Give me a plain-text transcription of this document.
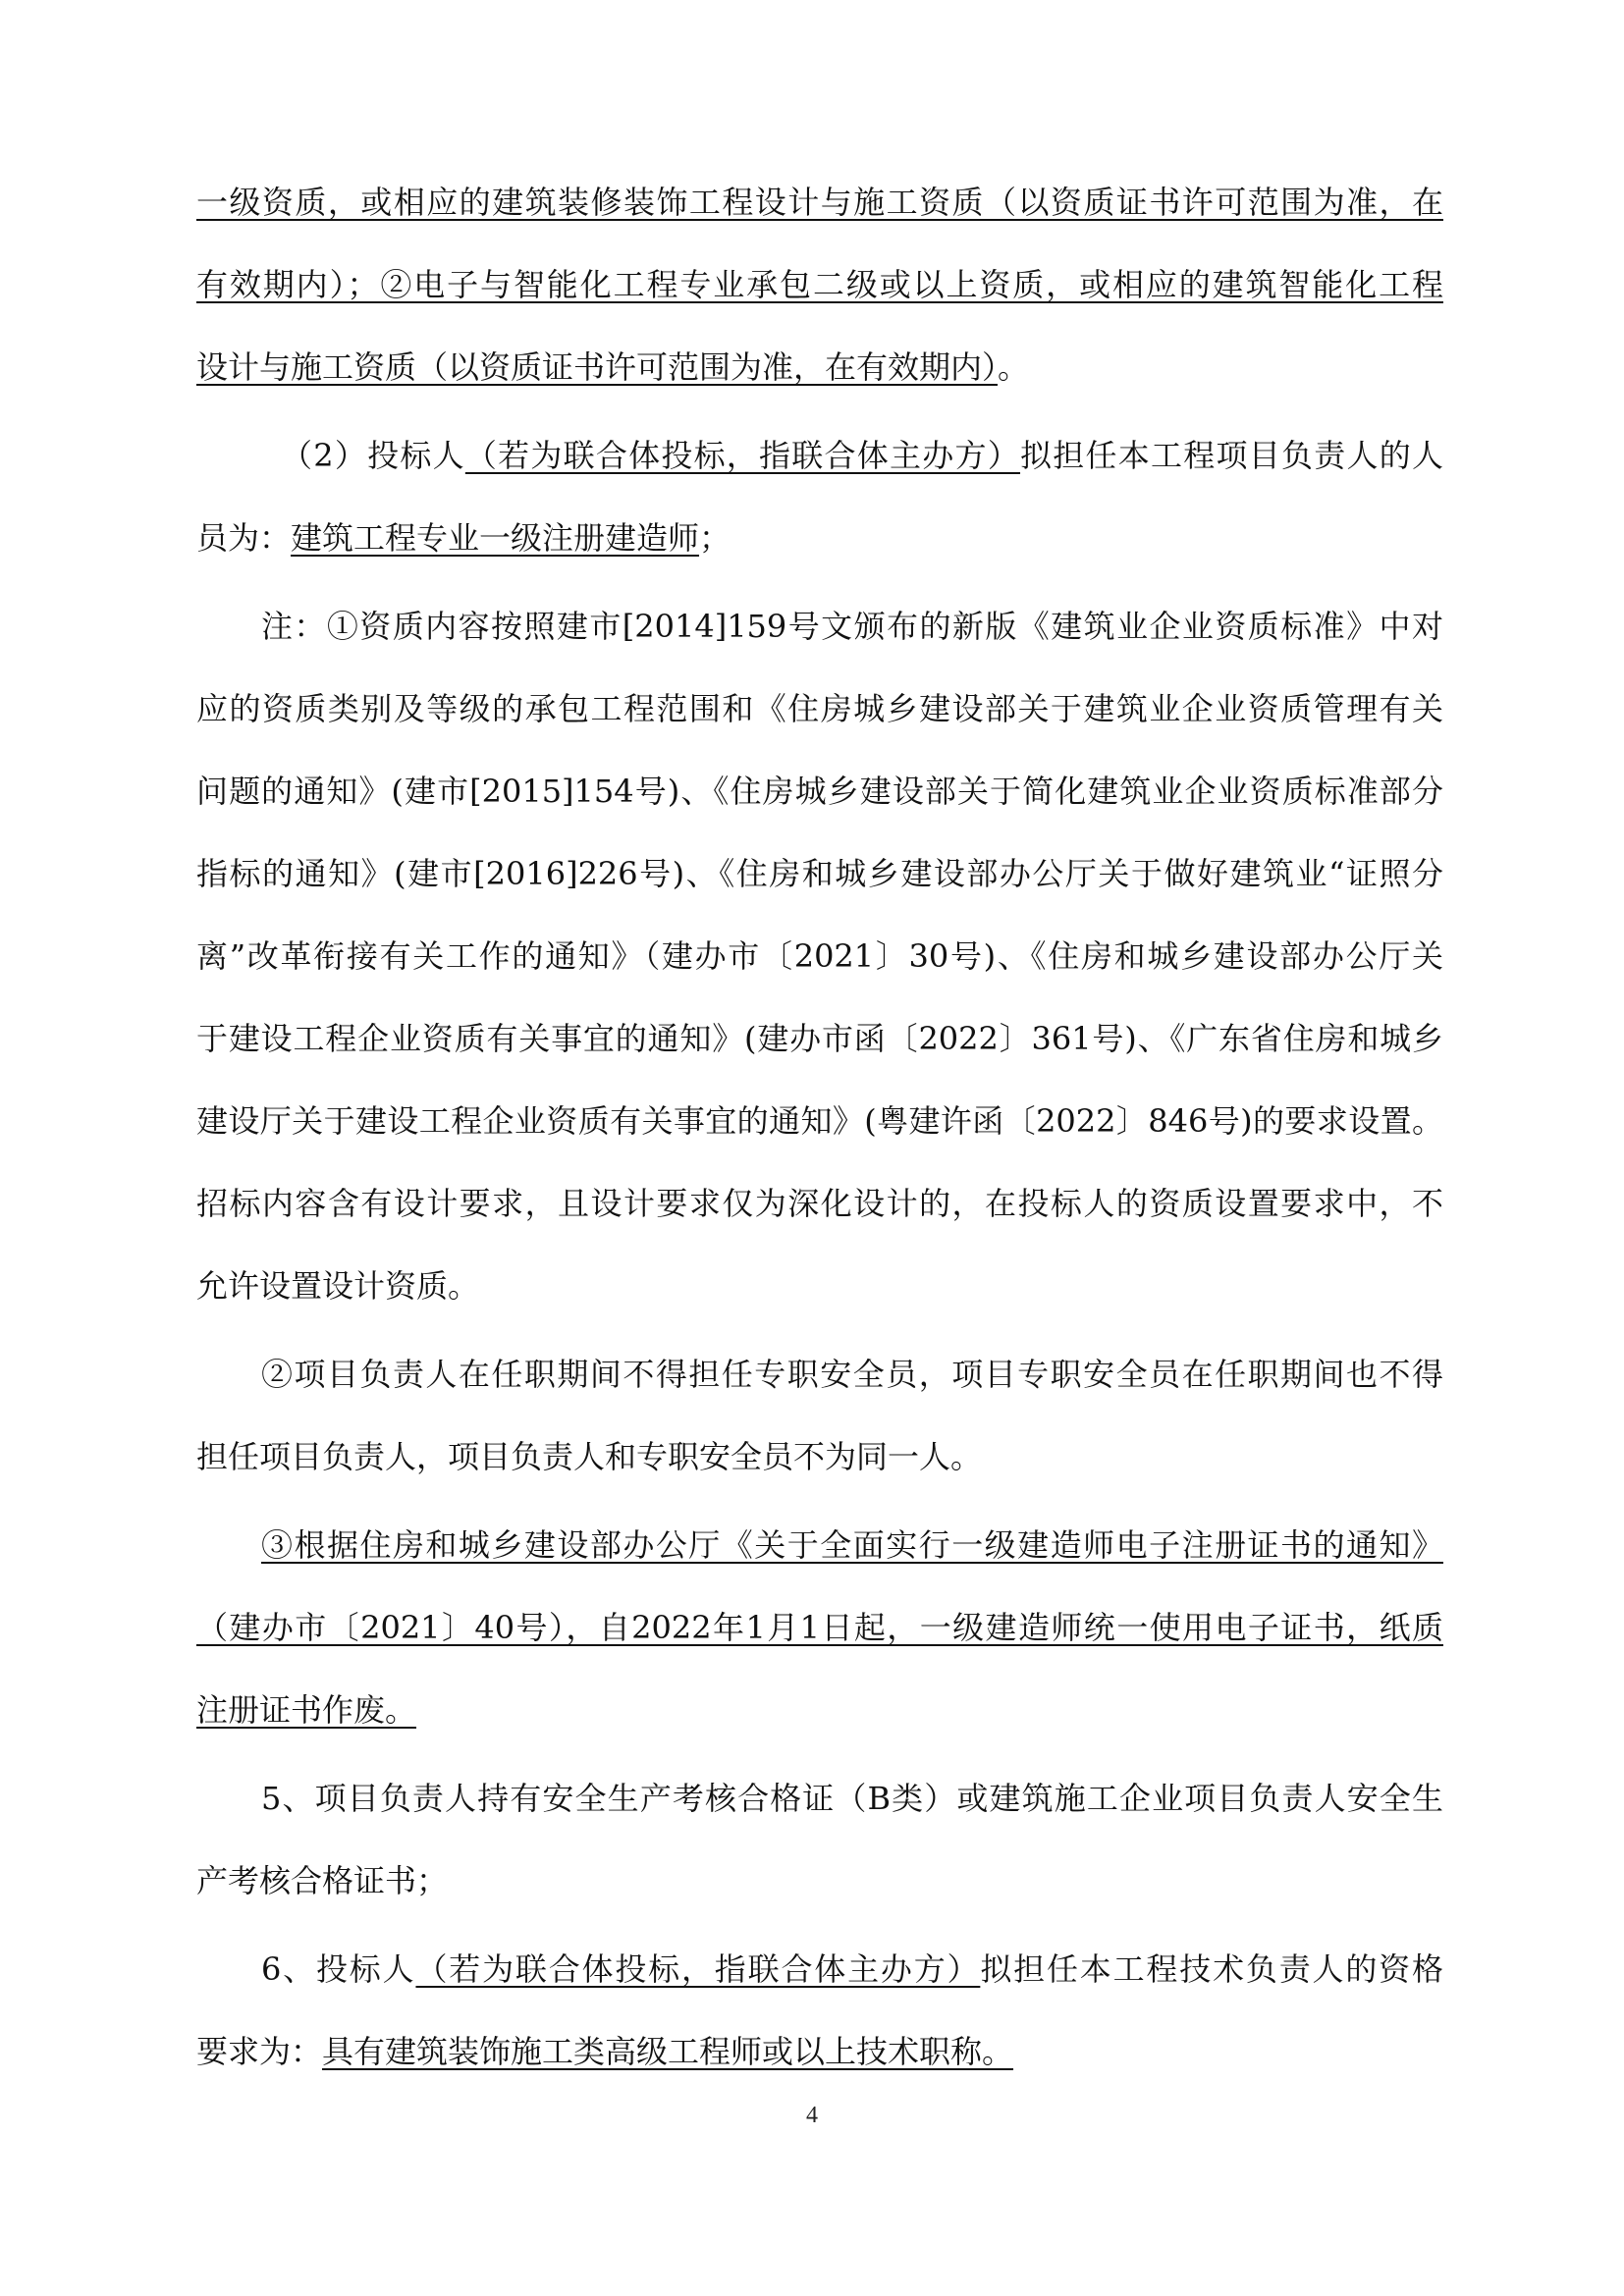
一级资质，或相应的建筑装修装饰工程设计与施工资质（以资质证书许可范围为准，在
有效期内）；②电子与智能化工程专业承包二级或以上资质，或相应的建筑智能化工程
设计与施工资质（以资质证书许可范围为准，在有效期内）。
（2）投标人（若为联合体投标，指联合体主办方）拟担任本工程项目负责人的人
员为：建筑工程专业一级注册建造师；
注：①资质内容按照建市[2014]159号文颁布的新版《建筑业企业资质标准》中对
应的资质类别及等级的承包工程范围和《住房城乡建设部关于建筑业企业资质管理有关
问题的通知》(建市[2015]154号)、《住房城乡建设部关于简化建筑业企业资质标准部分
指标的通知》(建市[2016]226号)、《住房和城乡建设部办公厅关于做好建筑业“证照分
离”改革衔接有关工作的通知》（建办市〔2021〕30号)、《住房和城乡建设部办公厅关
于建设工程企业资质有关事宜的通知》(建办市函〔2022〕361号)、《广东省住房和城乡
建设厅关于建设工程企业资质有关事宜的通知》(粤建许函〔2022〕846号)的要求设置。
招标内容含有设计要求，且设计要求仅为深化设计的，在投标人的资质设置要求中，不
允许设置设计资质。
②项目负责人在任职期间不得担任专职安全员，项目专职安全员在任职期间也不得
担任项目负责人，项目负责人和专职安全员不为同一人。
③根据住房和城乡建设部办公厅《关于全面实行一级建造师电子注册证书的通知》
（建办市〔2021〕40号），自2022年1月1日起，一级建造师统一使用电子证书，纸质
注册证书作废。
5、项目负责人持有安全生产考核合格证（B类）或建筑施工企业项目负责人安全生
产考核合格证书；
6、投标人（若为联合体投标，指联合体主办方）拟担任本工程技术负责人的资格
要求为：具有建筑装饰施工类高级工程师或以上技术职称。
4
